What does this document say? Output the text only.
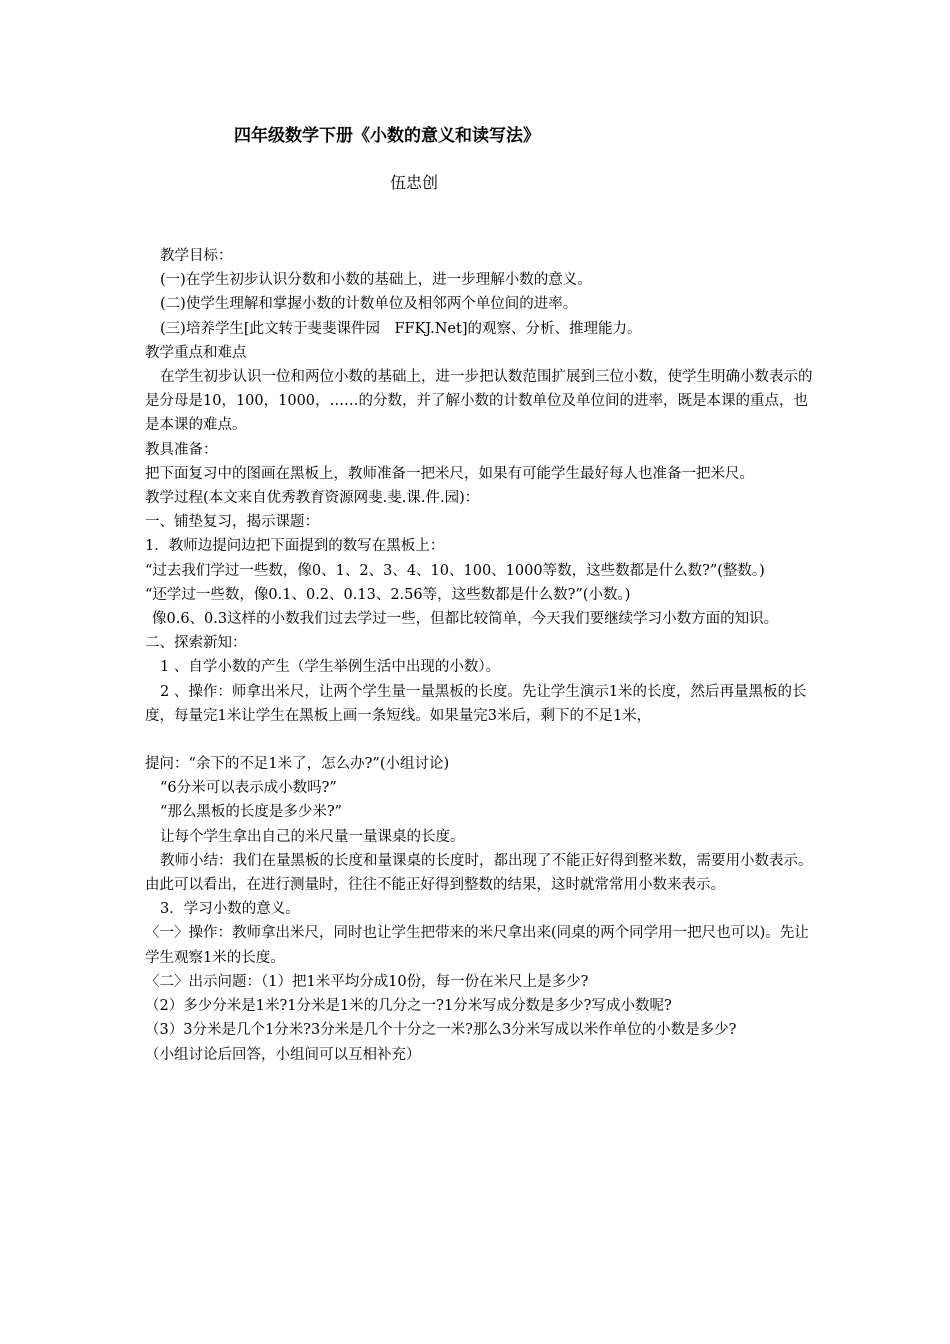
四年级数学下册《小数的意义和读写法》
伍忠创

教学目标：

(一)在学生初步认识分数和小数的基础上，进一步理解小数的意义。

(二)使学生理解和掌握小数的计数单位及相邻两个单位间的进率。

(三)培养学生[此文转于斐斐课件园　FFKJ.Net]的观察、分析、推理能力。

教学重点和难点

在学生初步认识一位和两位小数的基础上，进一步把认数范围扩展到三位小数，使学生明确小数表示的是分母是10，100，1000，……的分数，并了解小数的计数单位及单位间的进率，既是本课的重点，也是本课的难点。

教具准备：

把下面复习中的图画在黑板上，教师准备一把米尺，如果有可能学生最好每人也准备一把米尺。

教学过程(本文来自优秀教育资源网斐.斐.课.件.园)：

一、铺垫复习，揭示课题：

1．教师边提问边把下面提到的数写在黑板上：

“过去我们学过一些数，像0、1、2、3、4、10、100、1000等数，这些数都是什么数?”(整数。)

“还学过一些数，像0.1、0.2、0.13、2.56等，这些数都是什么数?”(小数。)

像0.6、0.3这样的小数我们过去学过一些，但都比较简单，今天我们要继续学习小数方面的知识。

二、探索新知：

1 、自学小数的产生（学生举例生活中出现的小数）。

2 、操作：师拿出米尺，让两个学生量一量黑板的长度。先让学生演示1米的长度，然后再量黑板的长度，每量完1米让学生在黑板上画一条短线。如果量完3米后，剩下的不足1米，

提问：“余下的不足1米了，怎么办?”(小组讨论)

“6分米可以表示成小数吗?”

“那么黑板的长度是多少米?”

让每个学生拿出自己的米尺量一量课桌的长度。

教师小结：我们在量黑板的长度和量课桌的长度时，都出现了不能正好得到整米数，需要用小数表示。由此可以看出，在进行测量时，往往不能正好得到整数的结果，这时就常常用小数来表示。

3．学习小数的意义。

〈一〉操作：教师拿出米尺，同时也让学生把带来的米尺拿出来(同桌的两个同学用一把尺也可以)。先让学生观察1米的长度。

〈二〉出示问题：（1）把1米平均分成10份，每一份在米尺上是多少?

（2）多少分米是1米?1分米是1米的几分之一?1分米写成分数是多少?写成小数呢?

（3）3分米是几个1分米?3分米是几个十分之一米?那么3分米写成以米作单位的小数是多少?

（小组讨论后回答，小组间可以互相补充）
